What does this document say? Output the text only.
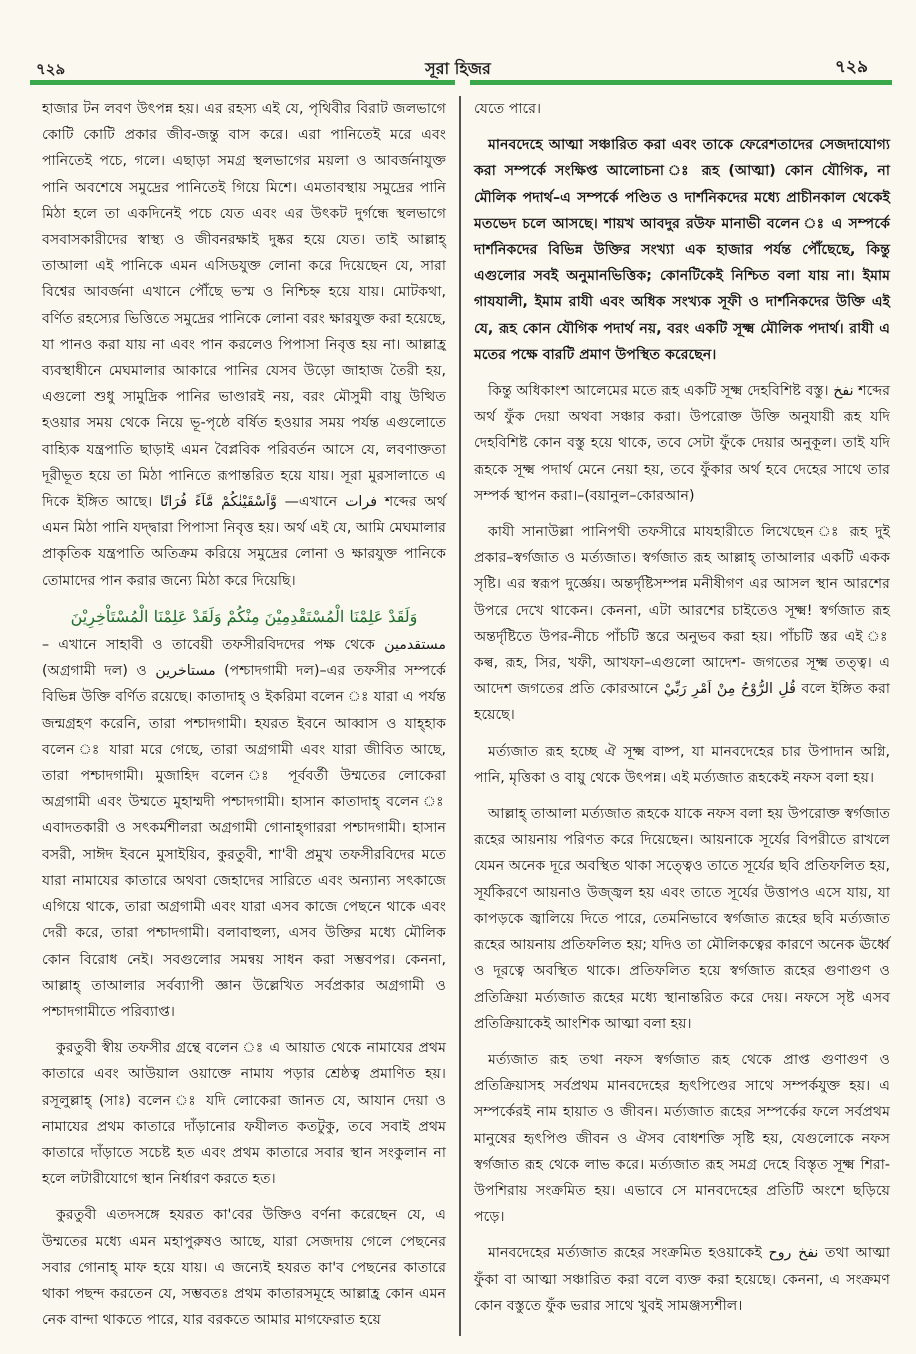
৭২৯	সূরা হিজর	৭২৯

হাজার টন লবণ উৎপন্ন হয়। এর রহস্য এই যে, পৃথিবীর বিরাট জলভাগে কোটি কোটি প্রকার জীব-জন্তু বাস করে। এরা পানিতেই মরে এবং পানিতেই পচে, গলে। এছাড়া সমগ্র স্থলভাগের ময়লা ও আবর্জনাযুক্ত পানি অবশেষে সমুদ্রের পানিতেই গিয়ে মিশে। এমতাবস্থায় সমুদ্রের পানি মিঠা হলে তা একদিনেই পচে যেত এবং এর উৎকট দুর্গন্ধে স্থলভাগে বসবাসকারীদের স্বাস্থ্য ও জীবনরক্ষাই দুষ্কর হয়ে যেত। তাই আল্লাহ্ তাআলা এই পানিকে এমন এসিডযুক্ত লোনা করে দিয়েছেন যে, সারা বিশ্বের আবর্জনা এখানে পৌঁছে ভস্ম ও নিশ্চিহ্ন হয়ে যায়। মোটকথা, বর্ণিত রহস্যের ভিত্তিতে সমুদ্রের পানিকে লোনা বরং ক্ষারযুক্ত করা হয়েছে, যা পানও করা যায় না এবং পান করলেও পিপাসা নিবৃত্ত হয় না। আল্লাহ্র ব্যবস্থাধীনে মেঘমালার আকারে পানির যেসব উড়ো জাহাজ তৈরী হয়, এগুলো শুধু সামুদ্রিক পানির ভাণ্ডারই নয়, বরং মৌসুমী বায়ু উত্থিত হওয়ার সময় থেকে নিয়ে ভূ-পৃষ্ঠে বর্ষিত হওয়ার সময় পর্যন্ত এগুলোতে বাহ্যিক যন্ত্রপাতি ছাড়াই এমন বৈপ্লবিক পরিবর্তন আসে যে, লবণাক্ততা দূরীভূত হয়ে তা মিঠা পানিতে রূপান্তরিত হয়ে যায়। সূরা মুরসালাতে এ দিকে ইঙ্গিত আছে। وَّاَسْقَيْنٰكُمْ مَّآءً فُرَاتًا —এখানে فرات শব্দের অর্থ এমন মিঠা পানি যদ্দ্বারা পিপাসা নিবৃত্ত হয়। অর্থ এই যে, আমি মেঘমালার প্রাকৃতিক যন্ত্রপাতি অতিক্রম করিয়ে সমুদ্রের লোনা ও ক্ষারযুক্ত পানিকে তোমাদের পান করার জন্যে মিঠা করে দিয়েছি।

وَلَقَدْ عَلِمْنَا الْمُسْتَقْدِمِيْنَ مِنْكُمْ وَلَقَدْ عَلِمْنَا الْمُسْتَاْخِرِيْنَ

– এখানে সাহাবী ও তাবেয়ী তফসীরবিদদের পক্ষ থেকে مستقدمين (অগ্রগামী দল) ও مستاخرين (পশ্চাদগামী দল)–এর তফসীর সম্পর্কে বিভিন্ন উক্তি বর্ণিত রয়েছে। কাতাদাহ্ ও ইকরিমা বলেন ঃ যারা এ পর্যন্ত জন্মগ্রহণ করেনি, তারা পশ্চাদগামী। হযরত ইবনে আব্বাস ও যাহ্হাক বলেন ঃ যারা মরে গেছে, তারা অগ্রগামী এবং যারা জীবিত আছে, তারা পশ্চাদগামী। মুজাহিদ বলেন ঃ পূর্ববর্তী উম্মতের লোকেরা অগ্রগামী এবং উম্মতে মুহাম্মদী পশ্চাদগামী। হাসান কাতাদাহ্ বলেন ঃ এবাদতকারী ও সৎকর্মশীলরা অগ্রগামী গোনাহ্গাররা পশ্চাদগামী। হাসান বসরী, সাঈদ ইবনে মুসাইয়িব, কুরতুবী, শা'বী প্রমুখ তফসীরবিদের মতে যারা নামাযের কাতারে অথবা জেহাদের সারিতে এবং অন্যান্য সৎকাজে এগিয়ে থাকে, তারা অগ্রগামী এবং যারা এসব কাজে পেছনে থাকে এবং দেরী করে, তারা পশ্চাদগামী। বলাবাহুল্য, এসব উক্তির মধ্যে মৌলিক কোন বিরোধ নেই। সবগুলোর সমন্বয় সাধন করা সম্ভবপর। কেননা, আল্লাহ্ তাআলার সর্বব্যাপী জ্ঞান উল্লেখিত সর্বপ্রকার অগ্রগামী ও পশ্চাদগামীতে পরিব্যাপ্ত।

কুরতুবী স্বীয় তফসীর গ্রন্থে বলেন ঃ এ আয়াত থেকে নামাযের প্রথম কাতারে এবং আউয়াল ওয়াক্তে নামায পড়ার শ্রেষ্ঠত্ব প্রমাণিত হয়। রসূলুল্লাহ্ (সাঃ) বলেন ঃ যদি লোকেরা জানত যে, আযান দেয়া ও নামাযের প্রথম কাতারে দাঁড়ানোর ফযীলত কতটুকু, তবে সবাই প্রথম কাতারে দাঁড়াতে সচেষ্ট হত এবং প্রথম কাতারে সবার স্থান সংকুলান না হলে লটারীযোগে স্থান নির্ধারণ করতে হত।

কুরতুবী এতদসঙ্গে হযরত কা'বের উক্তিও বর্ণনা করেছেন যে, এ উম্মতের মধ্যে এমন মহাপুরুষও আছে, যারা সেজদায় গেলে পেছনের সবার গোনাহ্ মাফ হয়ে যায়। এ জন্যেই হযরত কা'ব পেছনের কাতারে থাকা পছন্দ করতেন যে, সম্ভবতঃ প্রথম কাতারসমূহে আল্লাহ্র কোন এমন নেক বান্দা থাকতে পারে, যার বরকতে আমার মাগফেরাত হয়ে

যেতে পারে।

মানবদেহে আত্মা সঞ্চারিত করা এবং তাকে ফেরেশতাদের সেজদাযোগ্য করা সম্পর্কে সংক্ষিপ্ত আলোচনা ঃ রূহ (আত্মা) কোন যৌগিক, না মৌলিক পদার্থ–এ সম্পর্কে পণ্ডিত ও দার্শনিকদের মধ্যে প্রাচীনকাল থেকেই মতভেদ চলে আসছে। শায়খ আবদুর রউফ মানাভী বলেন ঃ এ সম্পর্কে দার্শনিকদের বিভিন্ন উক্তির সংখ্যা এক হাজার পর্যন্ত পৌঁছেছে, কিন্তু এগুলোর সবই অনুমানভিত্তিক; কোনটিকেই নিশ্চিত বলা যায় না। ইমাম গাযযালী, ইমাম রাযী এবং অধিক সংখ্যক সূফী ও দার্শনিকদের উক্তি এই যে, রূহ কোন যৌগিক পদার্থ নয়, বরং একটি সূক্ষ্ম মৌলিক পদার্থ। রাযী এ মতের পক্ষে বারটি প্রমাণ উপস্থিত করেছেন।

কিন্তু অধিকাংশ আলেমের মতে রূহ একটি সূক্ষ্ম দেহবিশিষ্ট বস্তু। نفخ শব্দের অর্থ ফুঁক দেয়া অথবা সঞ্চার করা। উপরোক্ত উক্তি অনুযায়ী রূহ যদি দেহবিশিষ্ট কোন বস্তু হয়ে থাকে, তবে সেটা ফুঁকে দেয়ার অনুকূল। তাই যদি রূহকে সূক্ষ্ম পদার্থ মেনে নেয়া হয়, তবে ফুঁকার অর্থ হবে দেহের সাথে তার সম্পর্ক স্থাপন করা।–(বয়ানুল–কোরআন)

কাযী সানাউল্লা পানিপথী তফসীরে মাযহারীতে লিখেছেন ঃ রূহ দুই প্রকার–স্বর্গজাত ও মর্ত্যজাত। স্বর্গজাত রূহ আল্লাহ্ তাআলার একটি একক সৃষ্টি। এর স্বরূপ দুর্জ্ঞেয়। অন্তর্দৃষ্টিসম্পন্ন মনীষীগণ এর আসল স্থান আরশের উপরে দেখে থাকেন। কেননা, এটা আরশের চাইতেও সূক্ষ্ম! স্বর্গজাত রূহ অন্তর্দৃষ্টিতে উপর-নীচে পাঁচটি স্তরে অনুভব করা হয়। পাঁচটি স্তর এই ঃ কল্ব, রূহ, সির, খফী, আখফা–এগুলো আদেশ- জগতের সূক্ষ্ম তত্ত্ব। এ আদেশ জগতের প্রতি কোরআনে قُلِ الرُّوْحُ مِنْ اَمْرِ رَبِّيْ বলে ইঙ্গিত করা হয়েছে।

মর্ত্যজাত রূহ হচ্ছে ঐ সূক্ষ্ম বাষ্প, যা মানবদেহের চার উপাদান অগ্নি, পানি, মৃত্তিকা ও বায়ু থেকে উৎপন্ন। এই মর্ত্যজাত রূহকেই নফস বলা হয়।

আল্লাহ্ তাআলা মর্ত্যজাত রূহকে যাকে নফস বলা হয় উপরোক্ত স্বর্গজাত রূহের আয়নায় পরিণত করে দিয়েছেন। আয়নাকে সূর্যের বিপরীতে রাখলে যেমন অনেক দূরে অবস্থিত থাকা সত্ত্বেও তাতে সূর্যের ছবি প্রতিফলিত হয়, সূর্যকিরণে আয়নাও উজ্জ্বল হয় এবং তাতে সূর্যের উত্তাপও এসে যায়, যা কাপড়কে জ্বালিয়ে দিতে পারে, তেমনিভাবে স্বর্গজাত রূহের ছবি মর্ত্যজাত রূহের আয়নায় প্রতিফলিত হয়; যদিও তা মৌলিকত্বের কারণে অনেক ঊর্ধ্বে ও দূরত্বে অবস্থিত থাকে। প্রতিফলিত হয়ে স্বর্গজাত রূহের গুণাগুণ ও প্রতিক্রিয়া মর্ত্যজাত রূহের মধ্যে স্থানান্তরিত করে দেয়। নফসে সৃষ্ট এসব প্রতিক্রিয়াকেই আংশিক আত্মা বলা হয়।

মর্ত্যজাত রূহ তথা নফস স্বর্গজাত রূহ থেকে প্রাপ্ত গুণাগুণ ও প্রতিক্রিয়াসহ সর্বপ্রথম মানবদেহের হৃৎপিণ্ডের সাথে সম্পর্কযুক্ত হয়। এ সম্পর্কেরই নাম হায়াত ও জীবন। মর্ত্যজাত রূহের সম্পর্কের ফলে সর্বপ্রথম মানুষের হৃৎপিণ্ড জীবন ও ঐসব বোধশক্তি সৃষ্টি হয়, যেগুলোকে নফস স্বর্গজাত রূহ থেকে লাভ করে। মর্ত্যজাত রূহ সমগ্র দেহে বিস্তৃত সূক্ষ্ম শিরা-উপশিরায় সংক্রমিত হয়। এভাবে সে মানবদেহের প্রতিটি অংশে ছড়িয়ে পড়ে।

মানবদেহের মর্ত্যজাত রূহের সংক্রমিত হওয়াকেই نفخ روح তথা আত্মা ফুঁকা বা আত্মা সঞ্চারিত করা বলে ব্যক্ত করা হয়েছে। কেননা, এ সংক্রমণ কোন বস্তুতে ফুঁক ভরার সাথে খুবই সামঞ্জস্যশীল।
